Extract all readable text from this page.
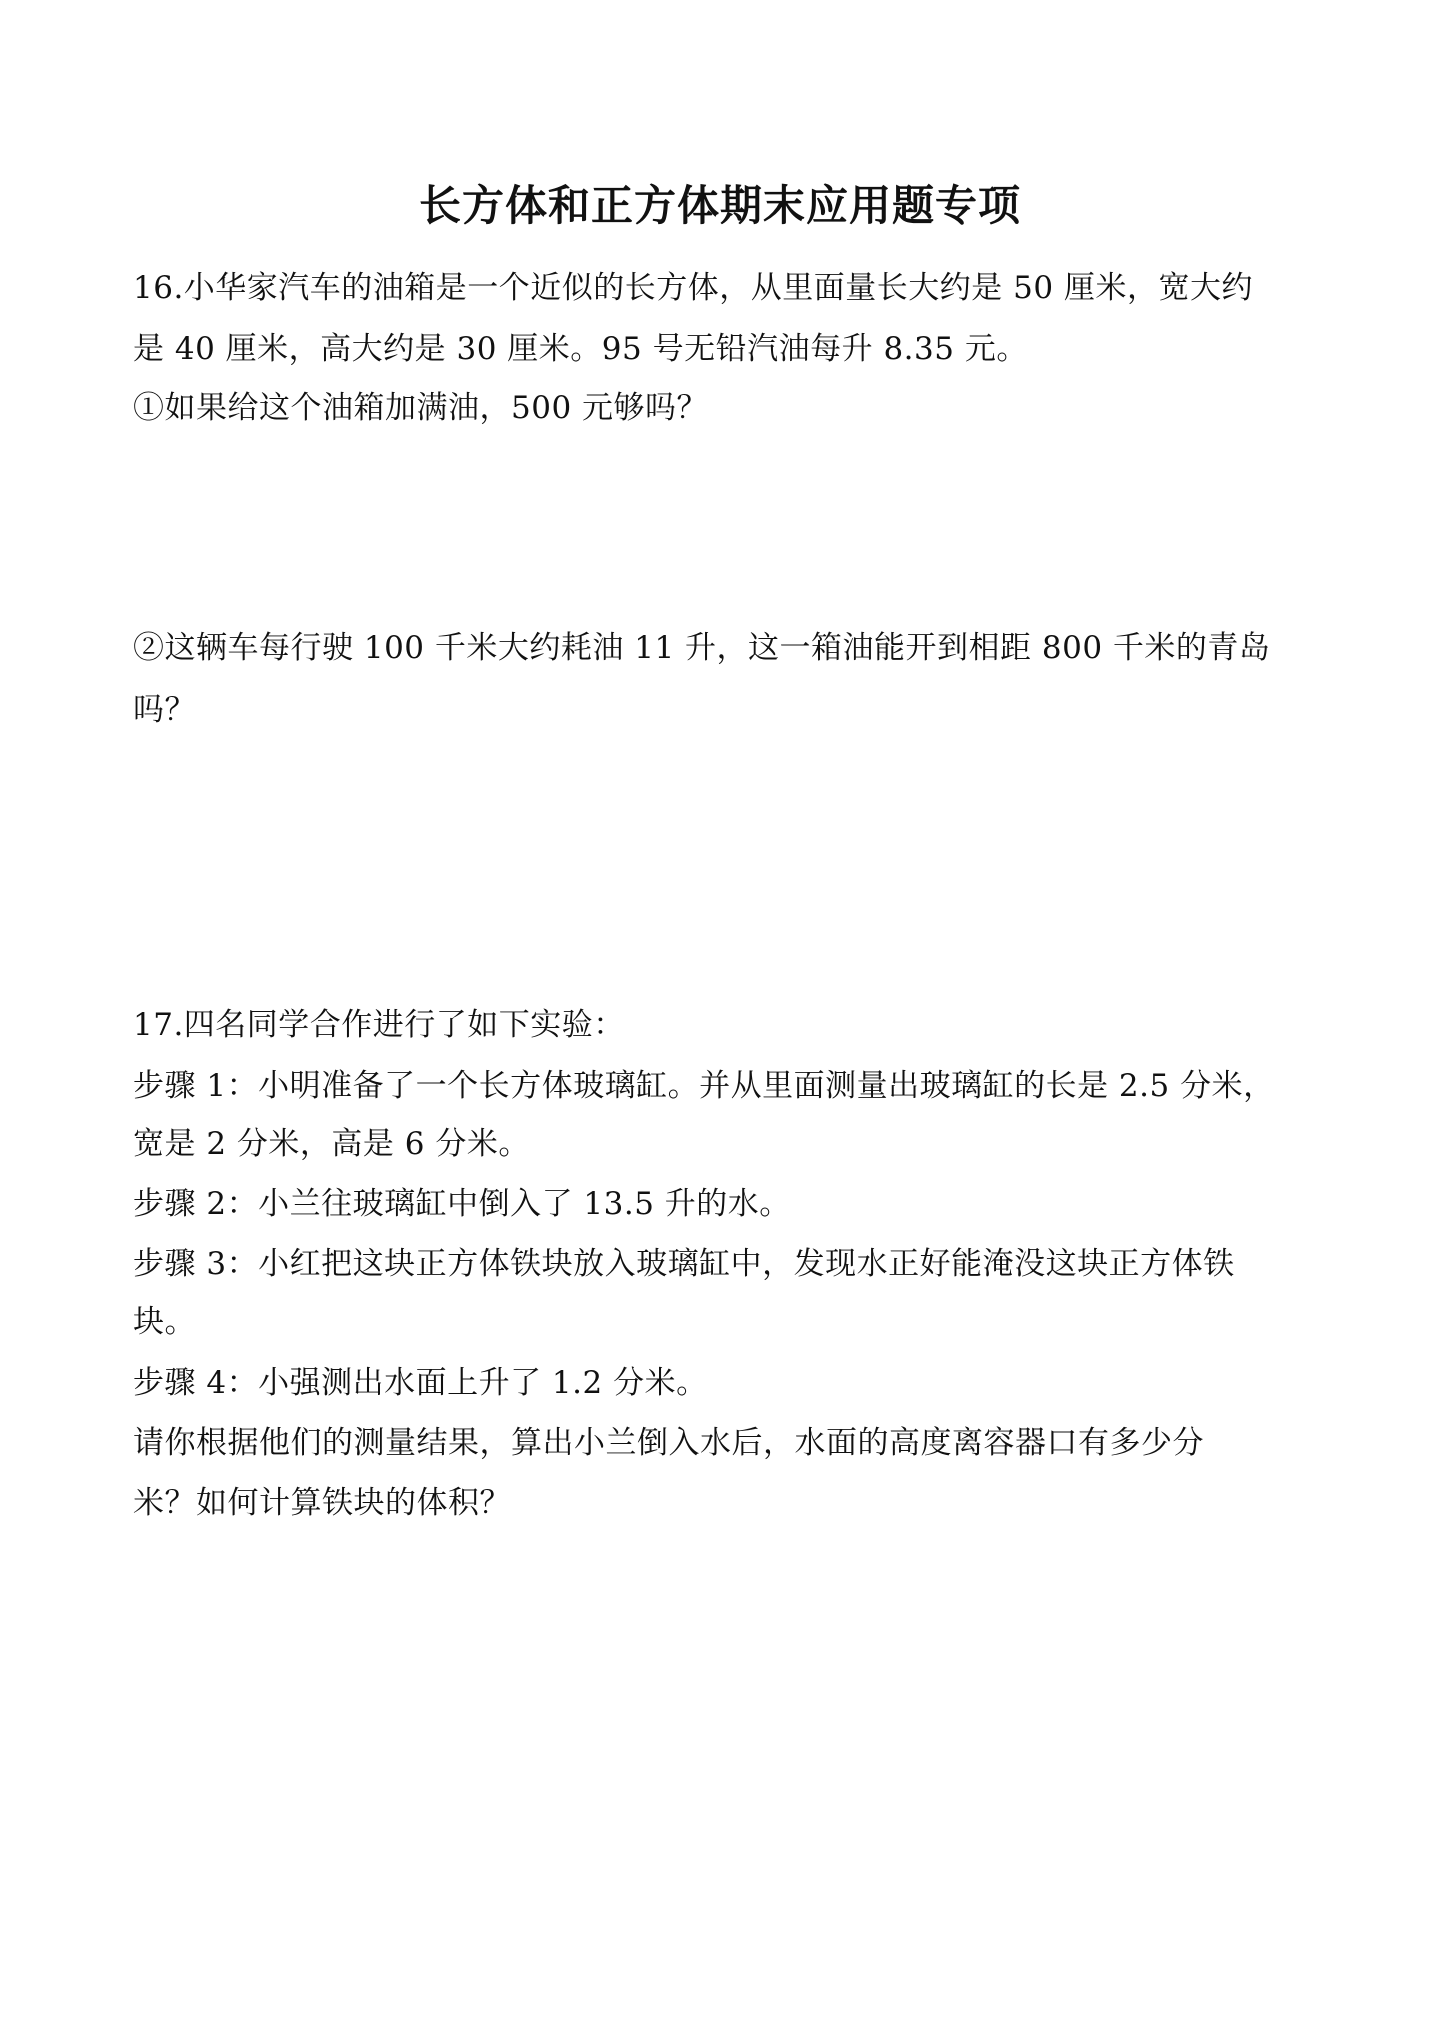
长方体和正方体期末应用题专项
16.小华家汽车的油箱是一个近似的长方体，从里面量长大约是 50 厘米，宽大约
是 40 厘米，高大约是 30 厘米。95 号无铅汽油每升 8.35 元。
①如果给这个油箱加满油，500 元够吗？
②这辆车每行驶 100 千米大约耗油 11 升，这一箱油能开到相距 800 千米的青岛
吗？
17.四名同学合作进行了如下实验：
步骤 1：小明准备了一个长方体玻璃缸。并从里面测量出玻璃缸的长是 2.5 分米，
宽是 2 分米，高是 6 分米。
步骤 2：小兰往玻璃缸中倒入了 13.5 升的水。
步骤 3：小红把这块正方体铁块放入玻璃缸中，发现水正好能淹没这块正方体铁
块。
步骤 4：小强测出水面上升了 1.2 分米。
请你根据他们的测量结果，算出小兰倒入水后，水面的高度离容器口有多少分
米？如何计算铁块的体积？
